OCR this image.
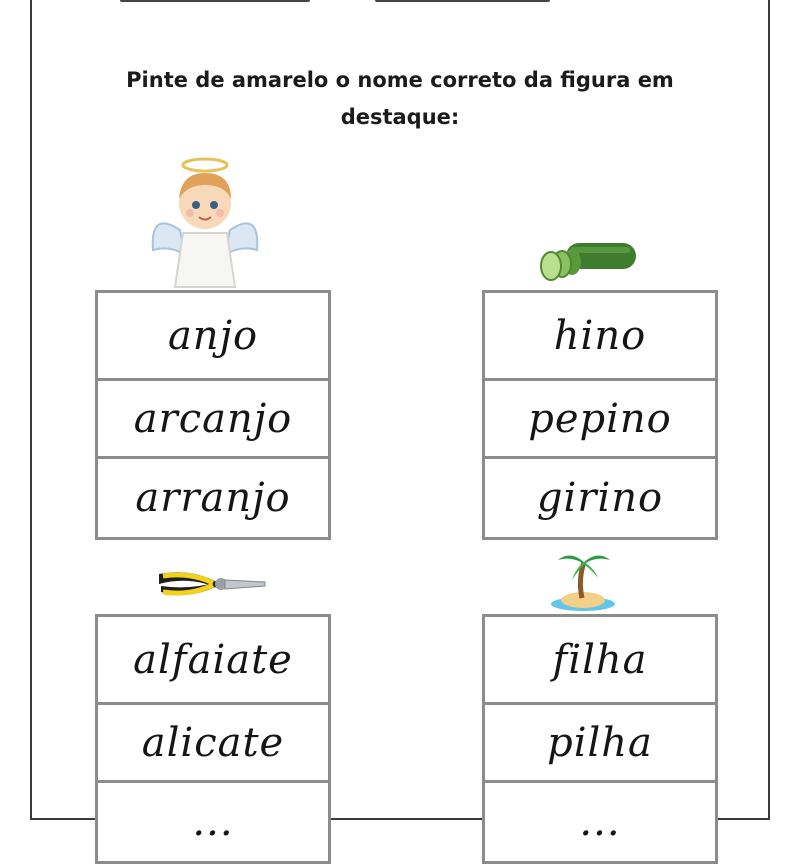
Pinte de amarelo o nome correto da figura em
destaque:
anjo
arcanjo
arranjo
hino
pepino
girino
alfaiate
alicate
...
filha
pilha
...
